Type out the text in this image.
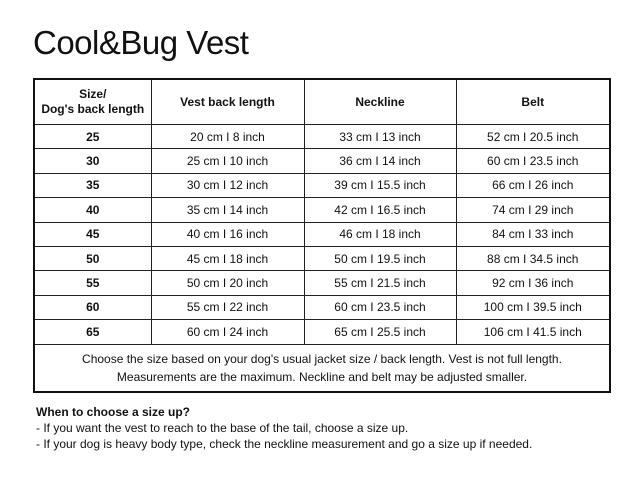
Cool&Bug Vest
Size/
Dog's back length	Vest back length	Neckline	Belt
25	20 cm I 8 inch	33 cm I 13 inch	52 cm I 20.5 inch
30	25 cm I 10 inch	36 cm I 14 inch	60 cm I 23.5 inch
35	30 cm I 12 inch	39 cm I 15.5 inch	66 cm I 26 inch
40	35 cm I 14 inch	42 cm I 16.5 inch	74 cm I 29 inch
45	40 cm I 16 inch	46 cm I 18 inch	84 cm I 33 inch
50	45 cm I 18 inch	50 cm I 19.5 inch	88 cm I 34.5 inch
55	50 cm I 20 inch	55 cm I 21.5 inch	92 cm I 36 inch
60	55 cm I 22 inch	60 cm I 23.5 inch	100 cm I 39.5 inch
65	60 cm I 24 inch	65 cm I 25.5 inch	106 cm I 41.5 inch
Choose the size based on your dog's usual jacket size / back length. Vest is not full length.
Measurements are the maximum. Neckline and belt may be adjusted smaller.			
When to choose a size up?
- If you want the vest to reach to the base of the tail, choose a size up.
- If your dog is heavy body type, check the neckline measurement and go a size up if needed.
